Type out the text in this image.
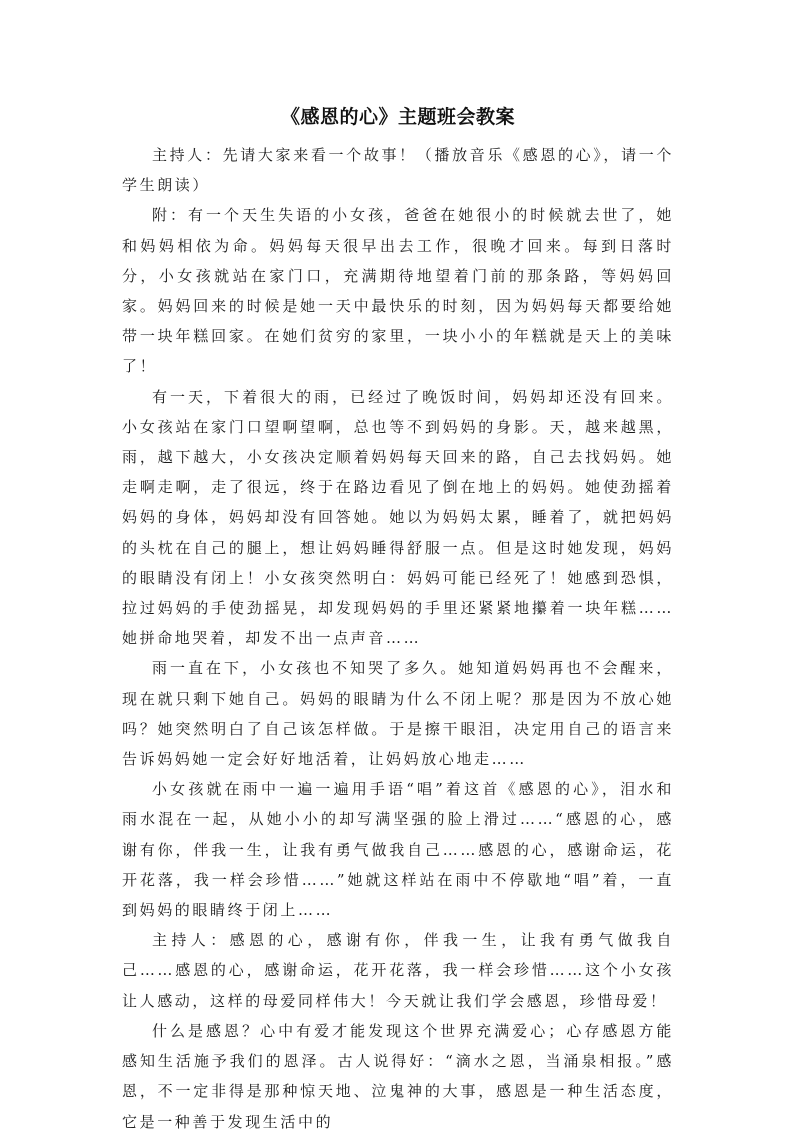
《感恩的心》主题班会教案

主持人：先请大家来看一个故事！（播放音乐《感恩的心》，请一个学生朗读）

附：有一个天生失语的小女孩，爸爸在她很小的时候就去世了，她和妈妈相依为命。妈妈每天很早出去工作，很晚才回来。每到日落时分，小女孩就站在家门口，充满期待地望着门前的那条路，等妈妈回家。妈妈回来的时候是她一天中最快乐的时刻，因为妈妈每天都要给她带一块年糕回家。在她们贫穷的家里，一块小小的年糕就是天上的美味了！

有一天，下着很大的雨，已经过了晚饭时间，妈妈却还没有回来。小女孩站在家门口望啊望啊，总也等不到妈妈的身影。天，越来越黑，雨，越下越大，小女孩决定顺着妈妈每天回来的路，自己去找妈妈。她走啊走啊，走了很远，终于在路边看见了倒在地上的妈妈。她使劲摇着妈妈的身体，妈妈却没有回答她。她以为妈妈太累，睡着了，就把妈妈的头枕在自己的腿上，想让妈妈睡得舒服一点。但是这时她发现，妈妈的眼睛没有闭上！小女孩突然明白：妈妈可能已经死了！她感到恐惧，拉过妈妈的手使劲摇晃，却发现妈妈的手里还紧紧地攥着一块年糕……她拼命地哭着，却发不出一点声音……

雨一直在下，小女孩也不知哭了多久。她知道妈妈再也不会醒来，现在就只剩下她自己。妈妈的眼睛为什么不闭上呢？那是因为不放心她吗？她突然明白了自己该怎样做。于是擦干眼泪，决定用自己的语言来告诉妈妈她一定会好好地活着，让妈妈放心地走……

小女孩就在雨中一遍一遍用手语“唱”着这首《感恩的心》，泪水和雨水混在一起，从她小小的却写满坚强的脸上滑过……“感恩的心，感谢有你，伴我一生，让我有勇气做我自己……感恩的心，感谢命运，花开花落，我一样会珍惜……”她就这样站在雨中不停歇地“唱”着，一直到妈妈的眼睛终于闭上……

主持人：感恩的心，感谢有你，伴我一生，让我有勇气做我自己……感恩的心，感谢命运，花开花落，我一样会珍惜……这个小女孩让人感动，这样的母爱同样伟大！今天就让我们学会感恩，珍惜母爱！

什么是感恩？心中有爱才能发现这个世界充满爱心；心存感恩方能感知生活施予我们的恩泽。古人说得好：“滴水之恩，当涌泉相报。”感恩，不一定非得是那种惊天地、泣鬼神的大事，感恩是一种生活态度，它是一种善于发现生活中的
